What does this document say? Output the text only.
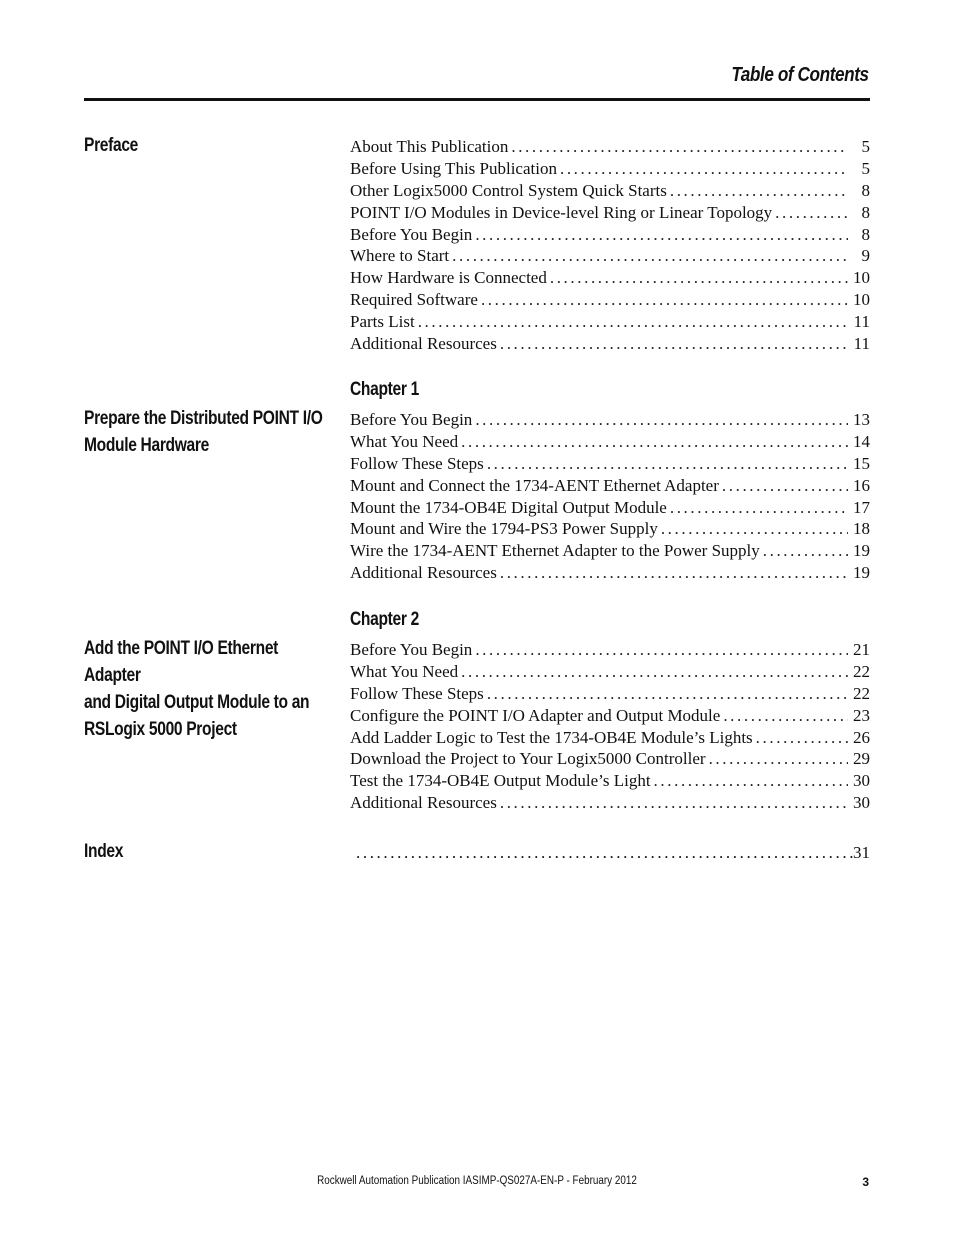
Table of Contents
Preface	About This Publication .....	5
Before Using This Publication .....	5
Other Logix5000 Control System Quick Starts .....	8
POINT I/O Modules in Device-level Ring or Linear Topology .....	8
Before You Begin .....	8
Where to Start .....	9
How Hardware is Connected .....	10
Required Software .....	10
Parts List .....	11
Additional Resources .....	11
Chapter 1
Prepare the Distributed POINT I/O
Module Hardware
Before You Begin .....	13
What You Need .....	14
Follow These Steps .....	15
Mount and Connect the 1734-AENT Ethernet Adapter .....	16
Mount the 1734-OB4E Digital Output Module .....	17
Mount and Wire the 1794-PS3 Power Supply .....	18
Wire the 1734-AENT Ethernet Adapter to the Power Supply .....	19
Additional Resources .....	19
Chapter 2
Add the POINT I/O Ethernet Adapter
and Digital Output Module to an
RSLogix 5000 Project
Before You Begin .....	21
What You Need .....	22
Follow These Steps .....	22
Configure the POINT I/O Adapter and Output Module .....	23
Add Ladder Logic to Test the 1734-OB4E Module’s Lights .....	26
Download the Project to Your Logix5000 Controller .....	29
Test the 1734-OB4E Output Module’s Light .....	30
Additional Resources .....	30
Index .....	31
Rockwell Automation Publication IASIMP-QS027A-EN-P - February 2012	3
